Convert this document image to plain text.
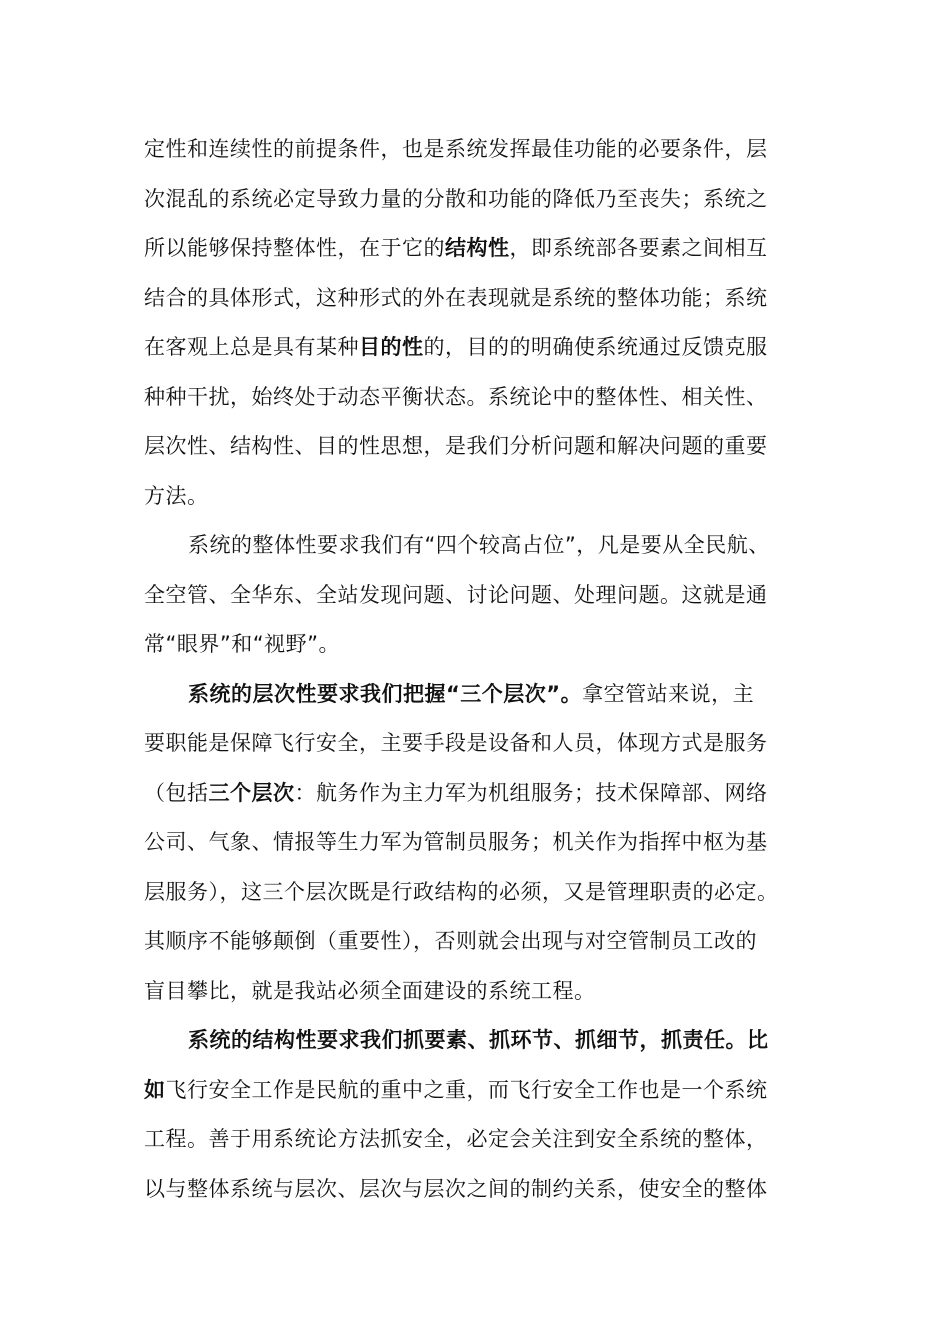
定性和连续性的前提条件，也是系统发挥最佳功能的必要条件，层
次混乱的系统必定导致力量的分散和功能的降低乃至丧失；系统之
所以能够保持整体性，在于它的结构性，即系统部各要素之间相互
结合的具体形式，这种形式的外在表现就是系统的整体功能；系统
在客观上总是具有某种目的性的，目的的明确使系统通过反馈克服
种种干扰，始终处于动态平衡状态。系统论中的整体性、相关性、
层次性、结构性、目的性思想，是我们分析问题和解决问题的重要
方法。
系统的整体性要求我们有“四个较高占位”，凡是要从全民航、
全空管、全华东、全站发现问题、讨论问题、处理问题。这就是通
常“眼界”和“视野”。
系统的层次性要求我们把握“三个层次”。拿空管站来说，主
要职能是保障飞行安全，主要手段是设备和人员，体现方式是服务
（包括三个层次：航务作为主力军为机组服务；技术保障部、网络
公司、气象、情报等生力军为管制员服务；机关作为指挥中枢为基
层服务），这三个层次既是行政结构的必须，又是管理职责的必定。
其顺序不能够颠倒（重要性），否则就会出现与对空管制员工改的
盲目攀比，就是我站必须全面建设的系统工程。
系统的结构性要求我们抓要素、抓环节、抓细节，抓责任。比
如飞行安全工作是民航的重中之重，而飞行安全工作也是一个系统
工程。善于用系统论方法抓安全，必定会关注到安全系统的整体，
以与整体系统与层次、层次与层次之间的制约关系，使安全的整体
